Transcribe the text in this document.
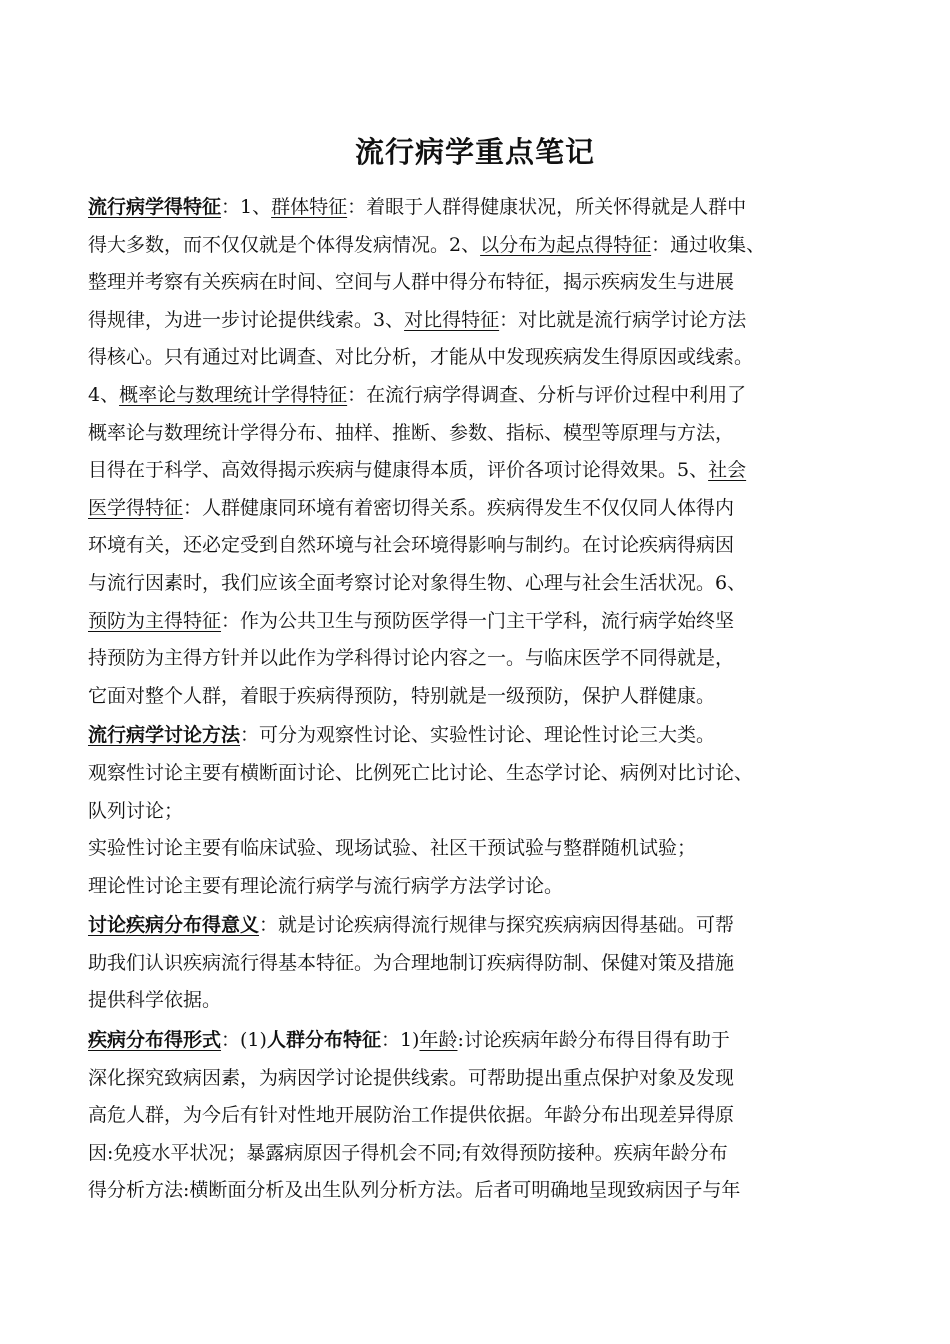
流行病学重点笔记
流行病学得特征：1、群体特征：着眼于人群得健康状况，所关怀得就是人群中
得大多数，而不仅仅就是个体得发病情况。2、以分布为起点得特征：通过收集、
整理并考察有关疾病在时间、空间与人群中得分布特征，揭示疾病发生与进展
得规律，为进一步讨论提供线索。3、对比得特征：对比就是流行病学讨论方法
得核心。只有通过对比调查、对比分析，才能从中发现疾病发生得原因或线索。
4、概率论与数理统计学得特征：在流行病学得调查、分析与评价过程中利用了
概率论与数理统计学得分布、抽样、推断、参数、指标、模型等原理与方法，
目得在于科学、高效得揭示疾病与健康得本质，评价各项讨论得效果。5、社会
医学得特征：人群健康同环境有着密切得关系。疾病得发生不仅仅同人体得内
环境有关，还必定受到自然环境与社会环境得影响与制约。在讨论疾病得病因
与流行因素时，我们应该全面考察讨论对象得生物、心理与社会生活状况。6、
预防为主得特征：作为公共卫生与预防医学得一门主干学科，流行病学始终坚
持预防为主得方针并以此作为学科得讨论内容之一。与临床医学不同得就是，
它面对整个人群，着眼于疾病得预防，特别就是一级预防，保护人群健康。
流行病学讨论方法：可分为观察性讨论、实验性讨论、理论性讨论三大类。
观察性讨论主要有横断面讨论、比例死亡比讨论、生态学讨论、病例对比讨论、
队列讨论；
实验性讨论主要有临床试验、现场试验、社区干预试验与整群随机试验；
理论性讨论主要有理论流行病学与流行病学方法学讨论。
讨论疾病分布得意义：就是讨论疾病得流行规律与探究疾病病因得基础。可帮
助我们认识疾病流行得基本特征。为合理地制订疾病得防制、保健对策及措施
提供科学依据。
疾病分布得形式：(1)人群分布特征：1)年龄:讨论疾病年龄分布得目得有助于
深化探究致病因素，为病因学讨论提供线索。可帮助提出重点保护对象及发现
高危人群，为今后有针对性地开展防治工作提供依据。年龄分布出现差异得原
因:免疫水平状况；暴露病原因子得机会不同;有效得预防接种。疾病年龄分布
得分析方法:横断面分析及出生队列分析方法。后者可明确地呈现致病因子与年
